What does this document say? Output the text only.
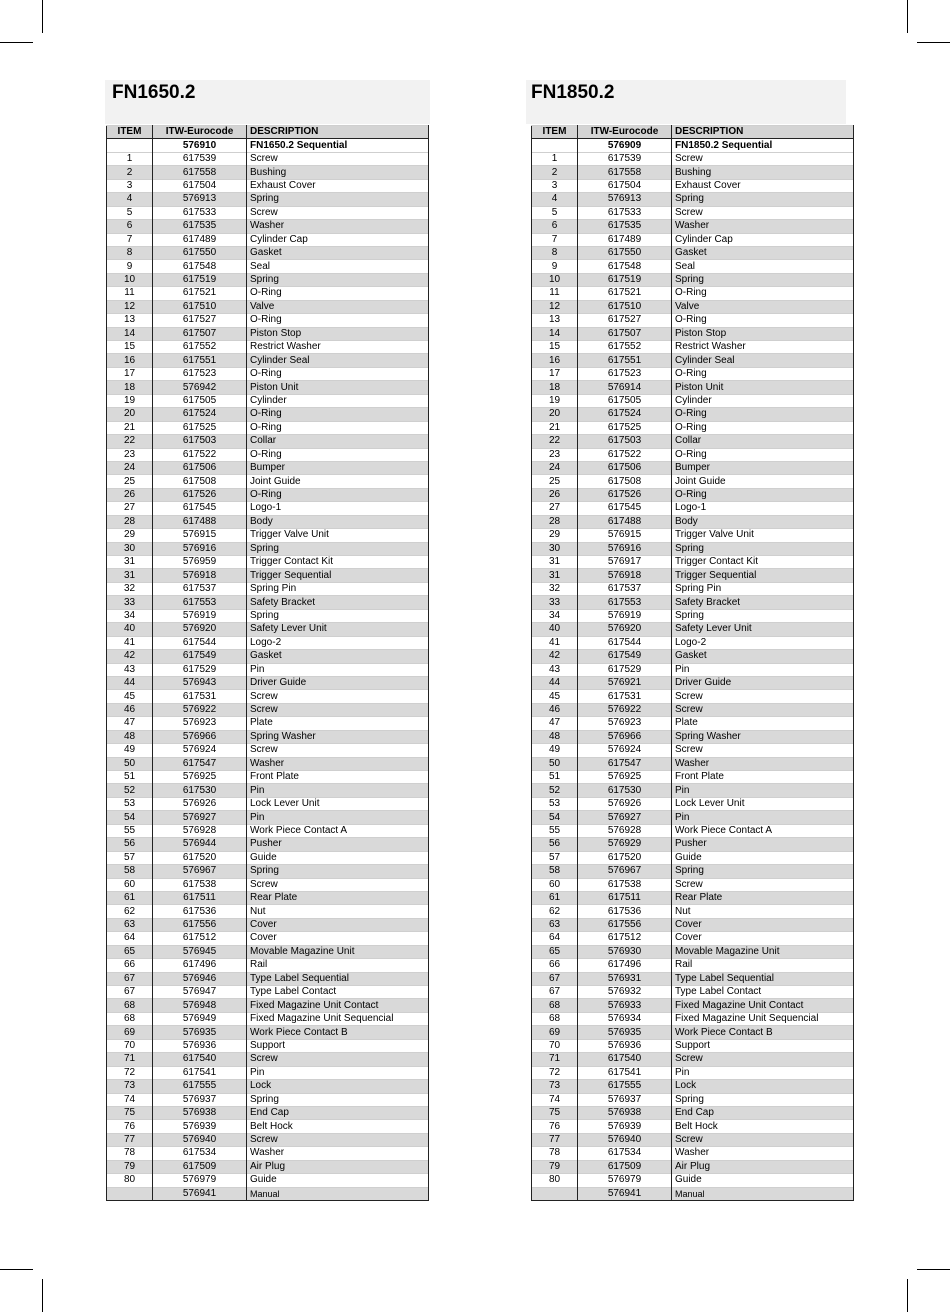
FN1650.2	FN1850.2
ITEM	ITW-Eurocode	DESCRIPTION
	576910	FN1650.2 Sequential
1	617539	Screw
2	617558	Bushing
3	617504	Exhaust Cover
4	576913	Spring
5	617533	Screw
6	617535	Washer
7	617489	Cylinder Cap
8	617550	Gasket
9	617548	Seal
10	617519	Spring
11	617521	O-Ring
12	617510	Valve
13	617527	O-Ring
14	617507	Piston Stop
15	617552	Restrict Washer
16	617551	Cylinder Seal
17	617523	O-Ring
18	576942	Piston Unit
19	617505	Cylinder
20	617524	O-Ring
21	617525	O-Ring
22	617503	Collar
23	617522	O-Ring
24	617506	Bumper
25	617508	Joint Guide
26	617526	O-Ring
27	617545	Logo-1
28	617488	Body
29	576915	Trigger Valve Unit
30	576916	Spring
31	576959	Trigger Contact Kit
31	576918	Trigger Sequential
32	617537	Spring Pin
33	617553	Safety Bracket
34	576919	Spring
40	576920	Safety Lever Unit
41	617544	Logo-2
42	617549	Gasket
43	617529	Pin
44	576943	Driver Guide
45	617531	Screw
46	576922	Screw
47	576923	Plate
48	576966	Spring Washer
49	576924	Screw
50	617547	Washer
51	576925	Front Plate
52	617530	Pin
53	576926	Lock Lever Unit
54	576927	Pin
55	576928	Work Piece Contact A
56	576944	Pusher
57	617520	Guide
58	576967	Spring
60	617538	Screw
61	617511	Rear Plate
62	617536	Nut
63	617556	Cover
64	617512	Cover
65	576945	Movable Magazine Unit
66	617496	Rail
67	576946	Type Label Sequential
67	576947	Type Label Contact
68	576948	Fixed Magazine Unit Contact
68	576949	Fixed Magazine Unit Sequencial
69	576935	Work Piece Contact B
70	576936	Support
71	617540	Screw
72	617541	Pin
73	617555	Lock
74	576937	Spring
75	576938	End Cap
76	576939	Belt Hock
77	576940	Screw
78	617534	Washer
79	617509	Air Plug
80	576979	Guide
	576941	Manual
ITEM	ITW-Eurocode	DESCRIPTION
	576909	FN1850.2 Sequential
1	617539	Screw
2	617558	Bushing
3	617504	Exhaust Cover
4	576913	Spring
5	617533	Screw
6	617535	Washer
7	617489	Cylinder Cap
8	617550	Gasket
9	617548	Seal
10	617519	Spring
11	617521	O-Ring
12	617510	Valve
13	617527	O-Ring
14	617507	Piston Stop
15	617552	Restrict Washer
16	617551	Cylinder Seal
17	617523	O-Ring
18	576914	Piston Unit
19	617505	Cylinder
20	617524	O-Ring
21	617525	O-Ring
22	617503	Collar
23	617522	O-Ring
24	617506	Bumper
25	617508	Joint Guide
26	617526	O-Ring
27	617545	Logo-1
28	617488	Body
29	576915	Trigger Valve Unit
30	576916	Spring
31	576917	Trigger Contact Kit
31	576918	Trigger Sequential
32	617537	Spring Pin
33	617553	Safety Bracket
34	576919	Spring
40	576920	Safety Lever Unit
41	617544	Logo-2
42	617549	Gasket
43	617529	Pin
44	576921	Driver Guide
45	617531	Screw
46	576922	Screw
47	576923	Plate
48	576966	Spring Washer
49	576924	Screw
50	617547	Washer
51	576925	Front Plate
52	617530	Pin
53	576926	Lock Lever Unit
54	576927	Pin
55	576928	Work Piece Contact A
56	576929	Pusher
57	617520	Guide
58	576967	Spring
60	617538	Screw
61	617511	Rear Plate
62	617536	Nut
63	617556	Cover
64	617512	Cover
65	576930	Movable Magazine Unit
66	617496	Rail
67	576931	Type Label Sequential
67	576932	Type Label Contact
68	576933	Fixed Magazine Unit Contact
68	576934	Fixed Magazine Unit Sequencial
69	576935	Work Piece Contact B
70	576936	Support
71	617540	Screw
72	617541	Pin
73	617555	Lock
74	576937	Spring
75	576938	End Cap
76	576939	Belt Hock
77	576940	Screw
78	617534	Washer
79	617509	Air Plug
80	576979	Guide
	576941	Manual
